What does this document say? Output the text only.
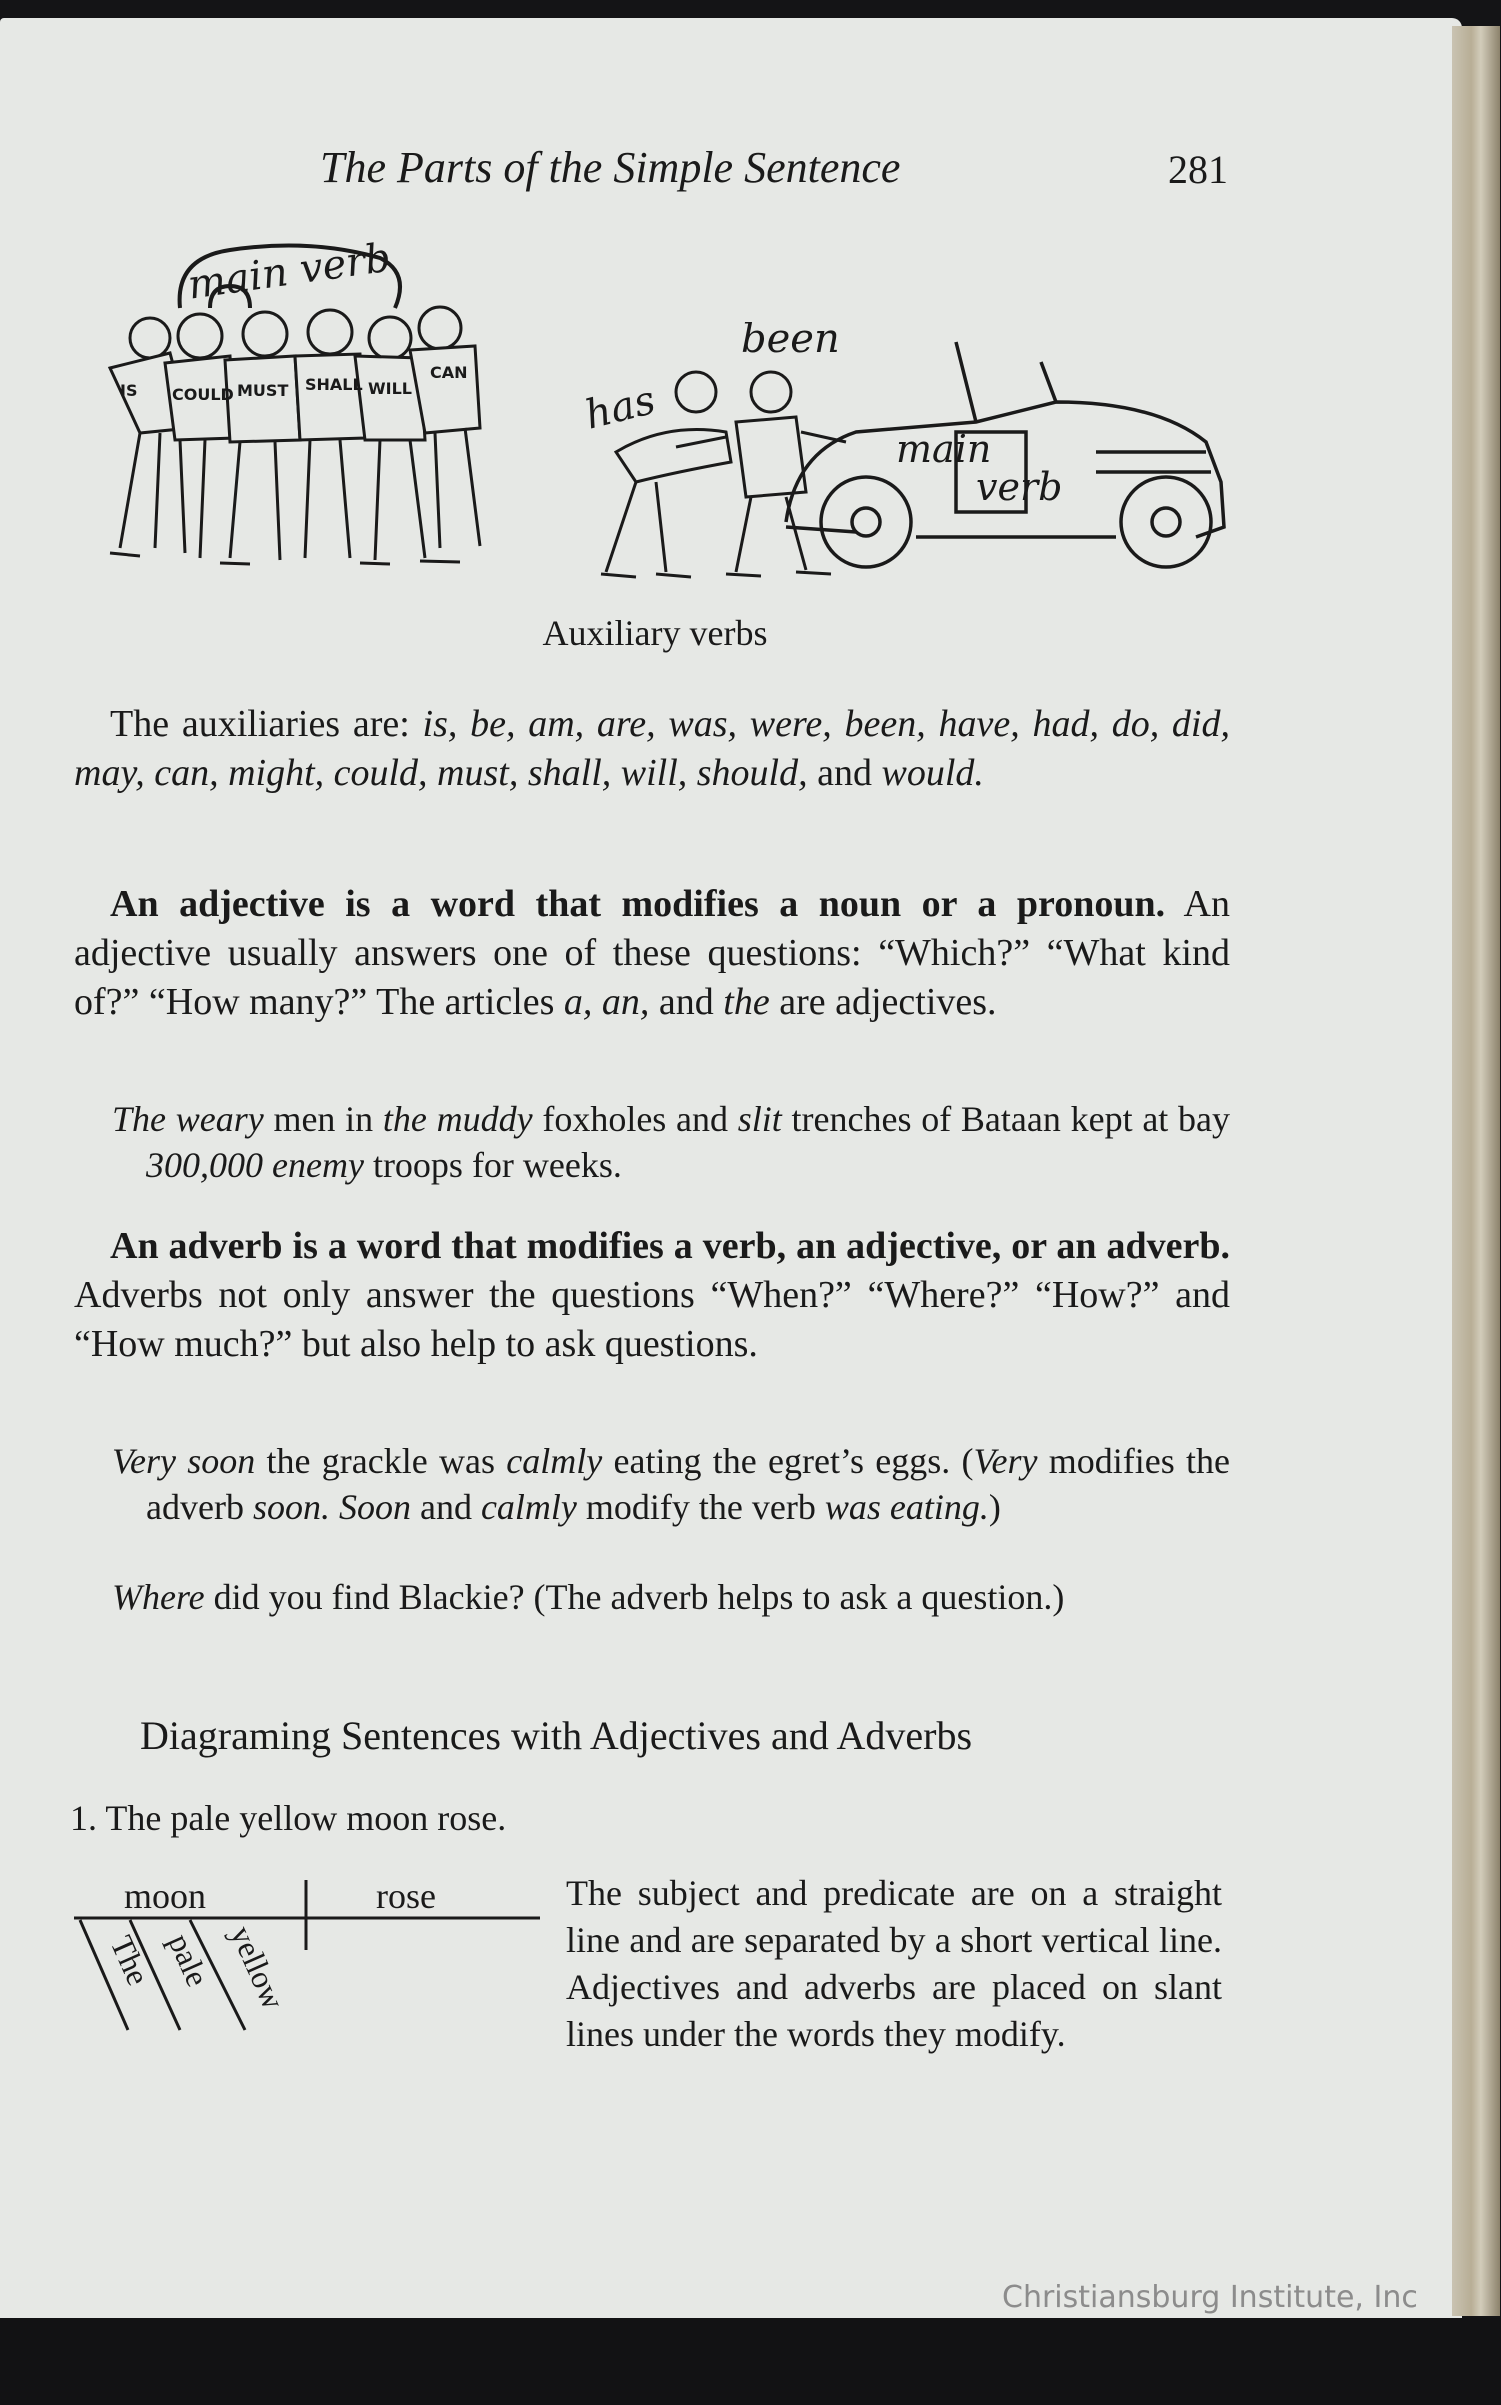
The Parts of the Simple Sentence	281
main verb
IS COULD MUST SHALL WILL
CAN
has
been
main
verb
Auxiliary verbs
The auxiliaries are: is, be, am, are, was, were, been, have, had, do, did, may, can, might, could, must, shall, will, should, and would.
An adjective is a word that modifies a noun or a pronoun. An adjective usually answers one of these questions: “Which?” “What kind of?” “How many?” The articles a, an, and the are adjectives.
The weary men in the muddy foxholes and slit trenches of Bataan kept at bay 300,000 enemy troops for weeks.
An adverb is a word that modifies a verb, an adjective, or an adverb. Adverbs not only answer the questions “When?” “Where?” “How?” and “How much?” but also help to ask questions.
Very soon the grackle was calmly eating the egret’s eggs. (Very modifies the adverb soon. Soon and calmly modify the verb was eating.)
Where did you find Blackie? (The adverb helps to ask a question.)
Diagraming Sentences with Adjectives and Adverbs
1. The pale yellow moon rose.
moon	rose
The pale yellow
The subject and predicate are on a straight line and are separated by a short vertical line. Adjectives and adverbs are placed on slant lines under the words they modify.
Christiansburg Institute, Inc
